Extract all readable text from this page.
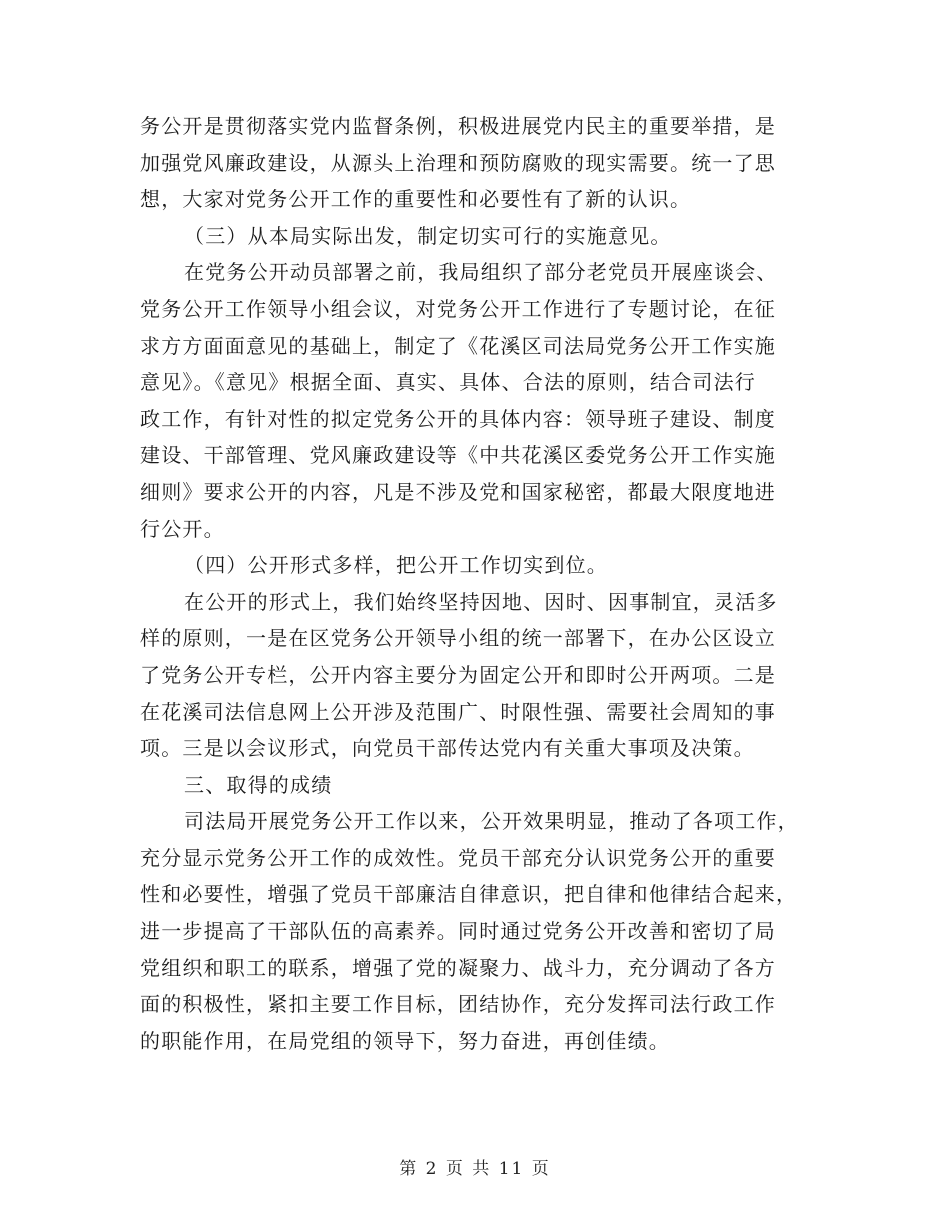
务公开是贯彻落实党内监督条例，积极进展党内民主的重要举措，是
加强党风廉政建设，从源头上治理和预防腐败的现实需要。统一了思
想，大家对党务公开工作的重要性和必要性有了新的认识。
（三）从本局实际出发，制定切实可行的实施意见。
在党务公开动员部署之前，我局组织了部分老党员开展座谈会、
党务公开工作领导小组会议，对党务公开工作进行了专题讨论，在征
求方方面面意见的基础上，制定了《花溪区司法局党务公开工作实施
意见》。《意见》根据全面、真实、具体、合法的原则，结合司法行
政工作，有针对性的拟定党务公开的具体内容：领导班子建设、制度
建设、干部管理、党风廉政建设等《中共花溪区委党务公开工作实施
细则》要求公开的内容，凡是不涉及党和国家秘密，都最大限度地进
行公开。
（四）公开形式多样，把公开工作切实到位。
在公开的形式上，我们始终坚持因地、因时、因事制宜，灵活多
样的原则，一是在区党务公开领导小组的统一部署下，在办公区设立
了党务公开专栏，公开内容主要分为固定公开和即时公开两项。二是
在花溪司法信息网上公开涉及范围广、时限性强、需要社会周知的事
项。三是以会议形式，向党员干部传达党内有关重大事项及决策。
三、取得的成绩
司法局开展党务公开工作以来，公开效果明显，推动了各项工作，
充分显示党务公开工作的成效性。党员干部充分认识党务公开的重要
性和必要性，增强了党员干部廉洁自律意识，把自律和他律结合起来，
进一步提高了干部队伍的高素养。同时通过党务公开改善和密切了局
党组织和职工的联系，增强了党的凝聚力、战斗力，充分调动了各方
面的积极性，紧扣主要工作目标，团结协作，充分发挥司法行政工作
的职能作用，在局党组的领导下，努力奋进，再创佳绩。
第 2 页 共 11 页
